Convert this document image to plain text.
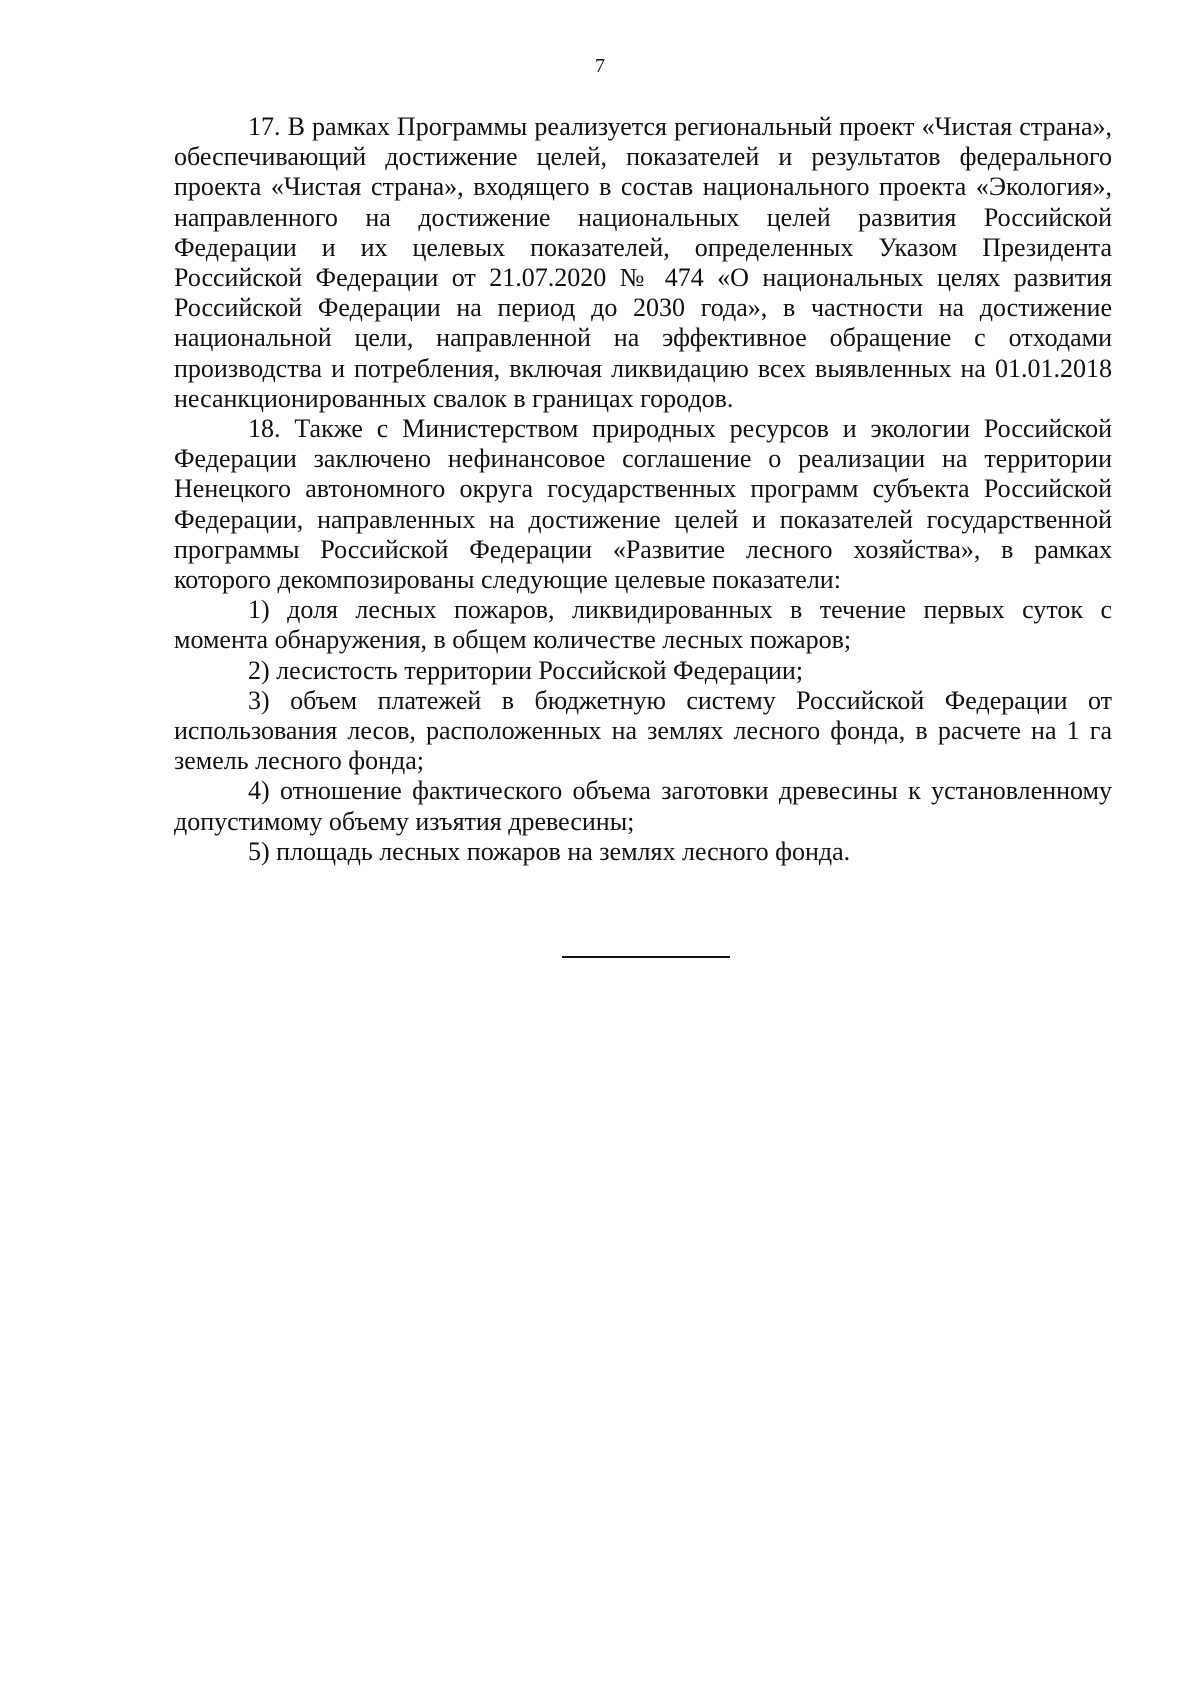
7

17. В рамках Программы реализуется региональный проект «Чистая страна», обеспечивающий достижение целей, показателей и результатов федерального проекта «Чистая страна», входящего в состав национального проекта «Экология», направленного на достижение национальных целей развития Российской Федерации и их целевых показателей, определенных Указом Президента Российской Федерации от 21.07.2020 № 474 «О национальных целях развития Российской Федерации на период до 2030 года», в частности на достижение национальной цели, направленной на эффективное обращение с отходами производства и потребления, включая ликвидацию всех выявленных на 01.01.2018 несанкционированных свалок в границах городов.

18. Также с Министерством природных ресурсов и экологии Российской Федерации заключено нефинансовое соглашение о реализации на территории Ненецкого автономного округа государственных программ субъекта Российской Федерации, направленных на достижение целей и показателей государственной программы Российской Федерации «Развитие лесного хозяйства», в рамках которого декомпозированы следующие целевые показатели:

1) доля лесных пожаров, ликвидированных в течение первых суток с момента обнаружения, в общем количестве лесных пожаров;

2) лесистость территории Российской Федерации;

3) объем платежей в бюджетную систему Российской Федерации от использования лесов, расположенных на землях лесного фонда, в расчете на 1 га земель лесного фонда;

4) отношение фактического объема заготовки древесины к установленному допустимому объему изъятия древесины;

5) площадь лесных пожаров на землях лесного фонда.
